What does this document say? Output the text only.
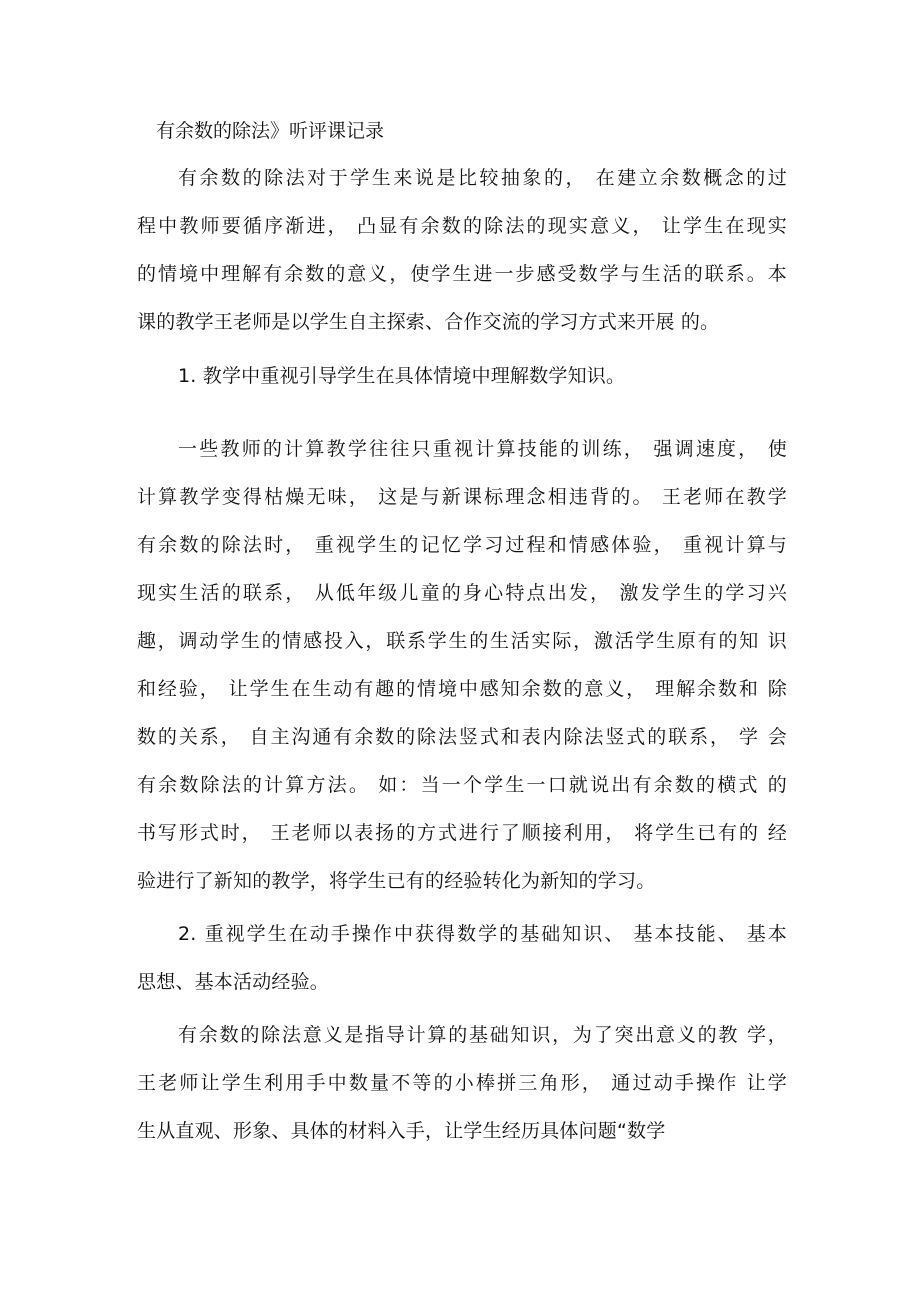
有余数的除法》听评课记录
有余数的除法对于学生来说是比较抽象的， 在建立余数概念的过
程中教师要循序渐进， 凸显有余数的除法的现实意义， 让学生在现实
的情境中理解有余数的意义，使学生进一步感受数学与生活的联系。本
课的教学王老师是以学生自主探索、合作交流的学习方式来开展 的。
1. 教学中重视引导学生在具体情境中理解数学知识。
一些教师的计算教学往往只重视计算技能的训练， 强调速度， 使
计算教学变得枯燥无味， 这是与新课标理念相违背的。 王老师在教学
有余数的除法时， 重视学生的记忆学习过程和情感体验， 重视计算与
现实生活的联系， 从低年级儿童的身心特点出发， 激发学生的学习兴
趣，调动学生的情感投入，联系学生的生活实际，激活学生原有的知 识
和经验， 让学生在生动有趣的情境中感知余数的意义， 理解余数和 除
数的关系， 自主沟通有余数的除法竖式和表内除法竖式的联系， 学 会
有余数除法的计算方法。 如：当一个学生一口就说出有余数的横式 的
书写形式时， 王老师以表扬的方式进行了顺接利用， 将学生已有的 经
验进行了新知的教学，将学生已有的经验转化为新知的学习。
2. 重视学生在动手操作中获得数学的基础知识、 基本技能、 基本
思想、基本活动经验。
有余数的除法意义是指导计算的基础知识，为了突出意义的教 学，
王老师让学生利用手中数量不等的小棒拼三角形， 通过动手操作 让学
生从直观、形象、具体的材料入手，让学生经历具体问题“数学
